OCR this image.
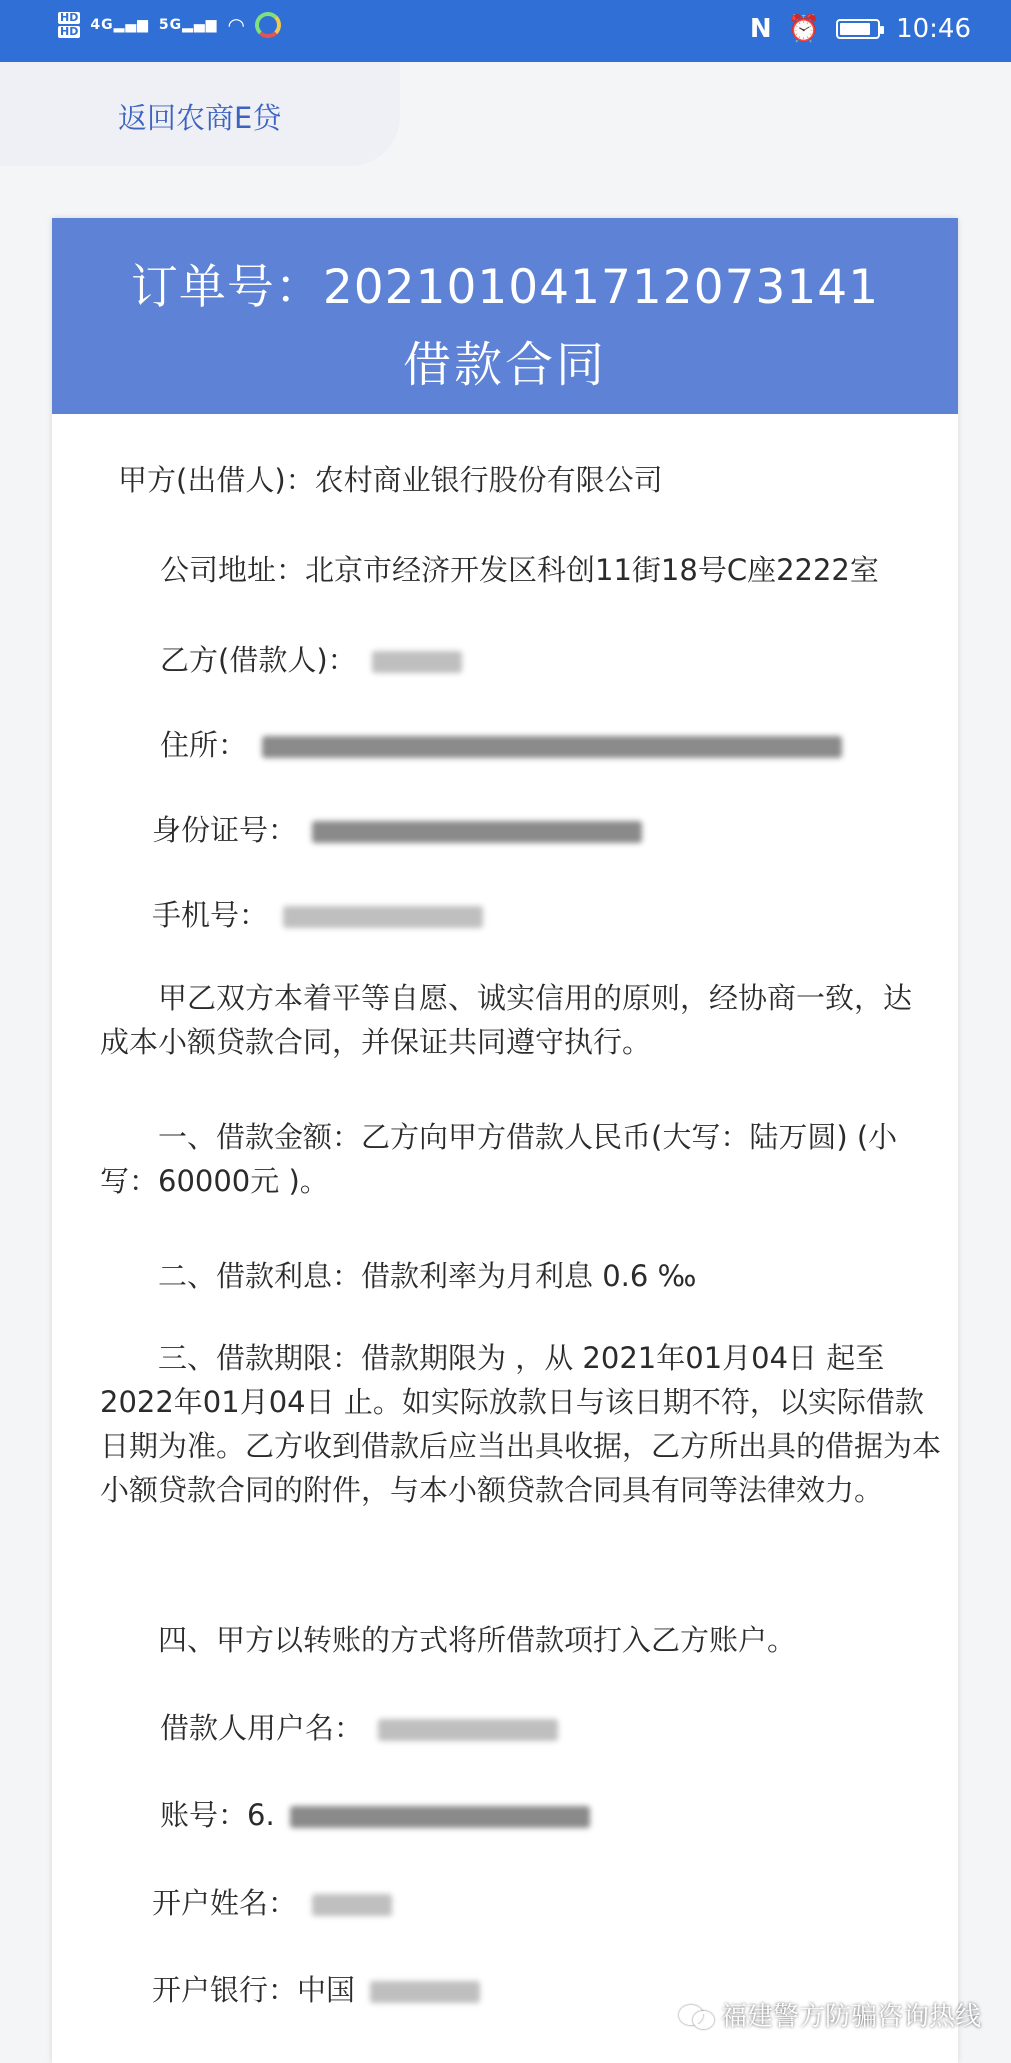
HD
HD 4G▂▄▆ 5G▂▄▆ ◠	N ⏰	10:46
返回农商E贷
订单号：20210104171207314​1
借款合同
甲方(出借人)：农村商业银行股份有限公司
公司地址：北京市经济开发区科创11街18号C座2222室
乙方(借款人)：
住所：
身份证号：
手机号：
甲乙双方本着平等自愿、诚实信用的原则，经协商一致，达成本小额贷款合同，并保证共同遵守执行。
一、借款金额：乙方向甲方借款人民币(大写：陆万圆) (小写：60000元 )。
二、借款利息：借款利率为月利息 0.6 ‰
三、借款期限：借款期限为 ，从 2021年01月04日 起至 2022年01月04日 止。如实际放款日与该日期不符，以实际借款日期为准。乙方收到借款后应当出具收据，乙方所出具的借据为本小额贷款合同的附件，与本小额贷款合同具有同等法律效力。
四、甲方以转账的方式将所借款项打入乙方账户。
借款人用户名：
账号：6.
开户姓名：
开户银行：中国
福建警方防骗咨询热线
